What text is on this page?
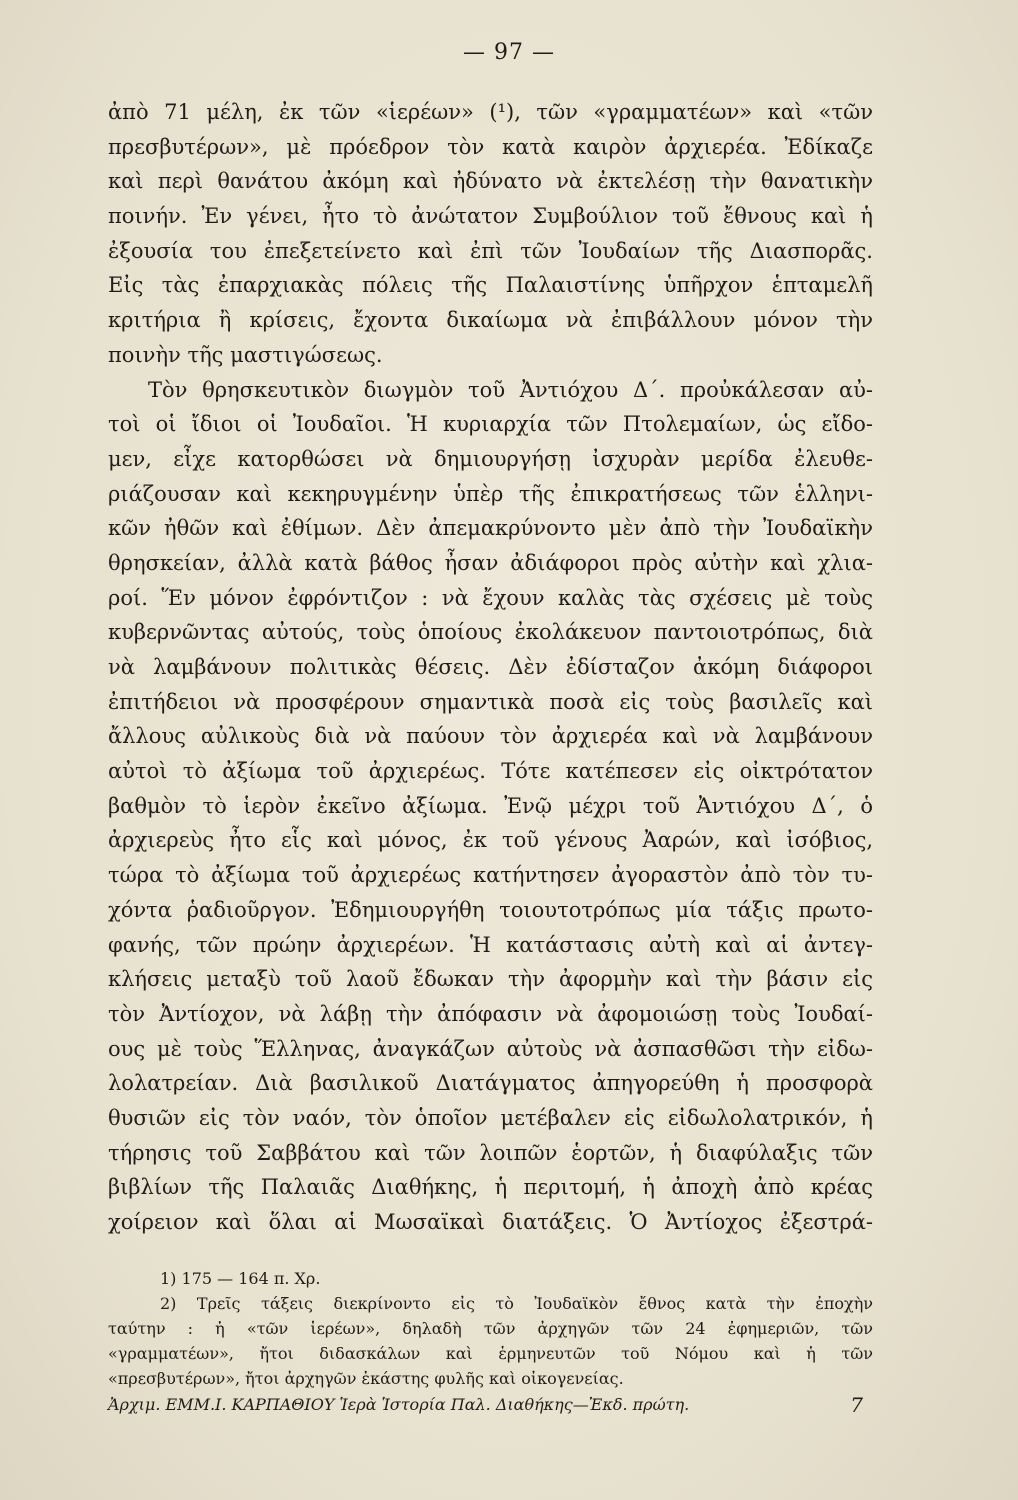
— 97 —
ἀπὸ 71 μέλη, ἐκ τῶν «ἱερέων» (¹), τῶν «γραμματέων» καὶ «τῶν
πρεσβυτέρων», μὲ πρόεδρον τὸν κατὰ καιρὸν ἀρχιερέα. Ἐδίκαζε
καὶ περὶ θανάτου ἀκόμη καὶ ἠδύνατο νὰ ἐκτελέσῃ τὴν θανατικὴν
ποινήν. Ἐν γένει, ἦτο τὸ ἀνώτατον Συμβούλιον τοῦ ἔθνους καὶ ἡ
ἐξουσία του ἐπεξετείνετο καὶ ἐπὶ τῶν Ἰουδαίων τῆς Διασπορᾶς.
Εἰς τὰς ἐπαρχιακὰς πόλεις τῆς Παλαιστίνης ὑπῆρχον ἑπταμελῆ
κριτήρια ἢ κρίσεις, ἔχοντα δικαίωμα νὰ ἐπιβάλλουν μόνον τὴν
ποινὴν τῆς μαστιγώσεως.
Τὸν θρησκευτικὸν διωγμὸν τοῦ Ἀντιόχου Δ΄. προὐκάλεσαν αὐ-
τοὶ οἱ ἴδιοι οἱ Ἰουδαῖοι. Ἡ κυριαρχία τῶν Πτολεμαίων, ὡς εἴδο-
μεν, εἶχε κατορθώσει νὰ δημιουργήσῃ ἰσχυρὰν μερίδα ἐλευθε-
ριάζουσαν καὶ κεκηρυγμένην ὑπὲρ τῆς ἐπικρατήσεως τῶν ἑλληνι-
κῶν ἠθῶν καὶ ἐθίμων. Δὲν ἀπεμακρύνοντο μὲν ἀπὸ τὴν Ἰουδαϊκὴν
θρησκείαν, ἀλλὰ κατὰ βάθος ἦσαν ἀδιάφοροι πρὸς αὐτὴν καὶ χλια-
ροί. Ἕν μόνον ἐφρόντιζον : νὰ ἔχουν καλὰς τὰς σχέσεις μὲ τοὺς
κυβερνῶντας αὐτούς, τοὺς ὁποίους ἐκολάκευον παντοιοτρόπως, διὰ
νὰ λαμβάνουν πολιτικὰς θέσεις. Δὲν ἐδίσταζον ἀκόμη διάφοροι
ἐπιτήδειοι νὰ προσφέρουν σημαντικὰ ποσὰ εἰς τοὺς βασιλεῖς καὶ
ἄλλους αὐλικοὺς διὰ νὰ παύουν τὸν ἀρχιερέα καὶ νὰ λαμβάνουν
αὐτοὶ τὸ ἀξίωμα τοῦ ἀρχιερέως. Τότε κατέπεσεν εἰς οἰκτρότατον
βαθμὸν τὸ ἱερὸν ἐκεῖνο ἀξίωμα. Ἐνῷ μέχρι τοῦ Ἀντιόχου Δ΄, ὁ
ἀρχιερεὺς ἦτο εἷς καὶ μόνος, ἐκ τοῦ γένους Ἀαρών, καὶ ἰσόβιος,
τώρα τὸ ἀξίωμα τοῦ ἀρχιερέως κατήντησεν ἀγοραστὸν ἀπὸ τὸν τυ-
χόντα ῥαδιοῦργον. Ἐδημιουργήθη τοιουτοτρόπως μία τάξις πρωτο-
φανής, τῶν πρώην ἀρχιερέων. Ἡ κατάστασις αὐτὴ καὶ αἱ ἀντεγ-
κλήσεις μεταξὺ τοῦ λαοῦ ἔδωκαν τὴν ἀφορμὴν καὶ τὴν βάσιν εἰς
τὸν Ἀντίοχον, νὰ λάβῃ τὴν ἀπόφασιν νὰ ἀφομοιώσῃ τοὺς Ἰουδαί-
ους μὲ τοὺς Ἕλληνας, ἀναγκάζων αὐτοὺς νὰ ἀσπασθῶσι τὴν εἰδω-
λολατρείαν. Διὰ βασιλικοῦ Διατάγματος ἀπηγορεύθη ἡ προσφορὰ
θυσιῶν εἰς τὸν ναόν, τὸν ὁποῖον μετέβαλεν εἰς εἰδωλολατρικόν, ἡ
τήρησις τοῦ Σαββάτου καὶ τῶν λοιπῶν ἑορτῶν, ἡ διαφύλαξις τῶν
βιβλίων τῆς Παλαιᾶς Διαθήκης, ἡ περιτομή, ἡ ἀποχὴ ἀπὸ κρέας
χοίρειον καὶ ὅλαι αἱ Μωσαϊκαὶ διατάξεις. Ὁ Ἀντίοχος ἐξεστρά-
1) 175 — 164 π. Χρ.
2) Τρεῖς τάξεις διεκρίνοντο εἰς τὸ Ἰουδαϊκὸν ἔθνος κατὰ τὴν ἐποχὴν
ταύτην : ἡ «τῶν ἱερέων», δηλαδὴ τῶν ἀρχηγῶν τῶν 24 ἐφημεριῶν, τῶν
«γραμματέων», ἤτοι διδασκάλων καὶ ἑρμηνευτῶν τοῦ Νόμου καὶ ἡ τῶν
«πρεσβυτέρων», ἤτοι ἀρχηγῶν ἑκάστης φυλῆς καὶ οἰκογενείας.
Ἀρχιμ. ΕΜΜ.Ι. ΚΑΡΠΑΘΙΟΥ Ἱερὰ Ἱστορία Παλ. Διαθήκης—Ἐκδ. πρώτη.	7
